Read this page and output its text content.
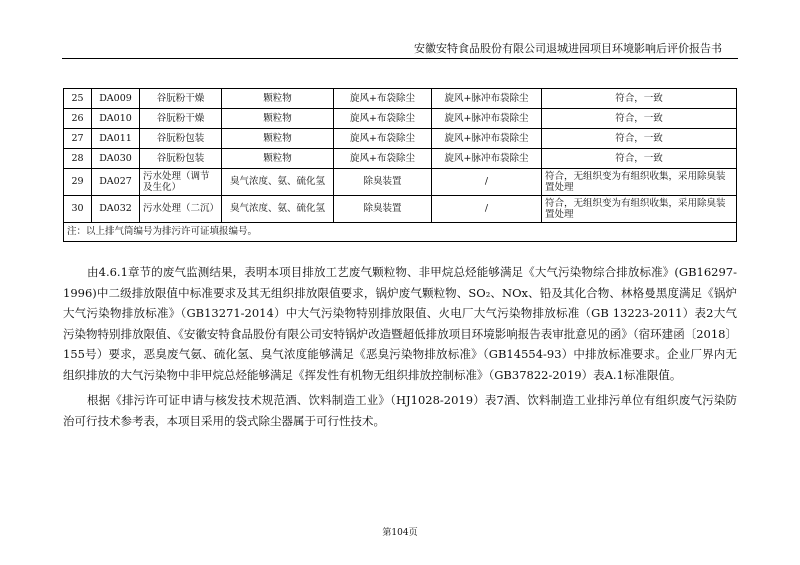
安徽安特食品股份有限公司退城进园项目环境影响后评价报告书
25	DA009	谷朊粉干燥	颗粒物	旋风+布袋除尘	旋风+脉冲布袋除尘	符合，一致
26	DA010	谷朊粉干燥	颗粒物	旋风+布袋除尘	旋风+脉冲布袋除尘	符合，一致
27	DA011	谷朊粉包装	颗粒物	旋风+布袋除尘	旋风+脉冲布袋除尘	符合，一致
28	DA030	谷朊粉包装	颗粒物	旋风+布袋除尘	旋风+脉冲布袋除尘	符合，一致
29	DA027	污水处理（调节及生化）	臭气浓度、氨、硫化氢	除臭装置	/	符合，无组织变为有组织收集，采用除臭装置处理
30	DA032	污水处理（二沉）	臭气浓度、氨、硫化氢	除臭装置	/	符合，无组织变为有组织收集，采用除臭装置处理
注：以上排气筒编号为排污许可证填报编号。						
由4.6.1章节的废气监测结果，表明本项目排放工艺废气颗粒物、非甲烷总烃能够满足《大气污染物综合排放标准》(GB16297-1996)中二级排放限值中标准要求及其无组织排放限值要求，锅炉废气颗粒物、SO₂、NOx、铅及其化合物、林格曼黑度满足《锅炉大气污染物排放标准》（GB13271-2014）中大气污染物特别排放限值、火电厂大气污染物排放标准（GB 13223-2011）表2大气污染物特别排放限值、《安徽安特食品股份有限公司安特锅炉改造暨超低排放项目环境影响报告表审批意见的函》（宿环建函〔2018〕155号）要求，恶臭废气氨、硫化氢、臭气浓度能够满足《恶臭污染物排放标准》（GB14554-93）中排放标准要求。企业厂界内无组织排放的大气污染物中非甲烷总烃能够满足《挥发性有机物无组织排放控制标准》（GB37822-2019）表A.1标准限值。
根据《排污许可证申请与核发技术规范酒、饮料制造工业》（HJ1028-2019）表7酒、饮料制造工业排污单位有组织废气污染防治可行技术参考表，本项目采用的袋式除尘器属于可行性技术。
第104页
